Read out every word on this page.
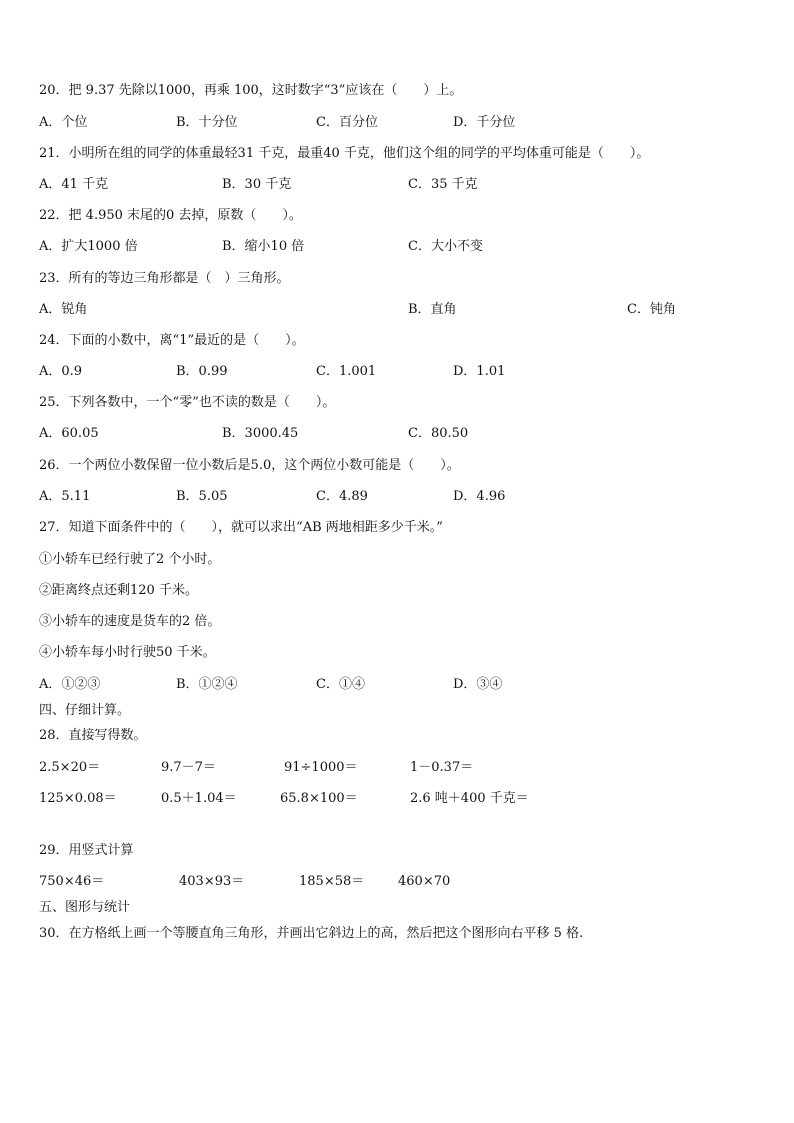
20．把 9.37 先除以1000，再乘 100，这时数字“3”应该在（　　）上。
A．个位	B．十分位	C．百分位	D．千分位
21．小明所在组的同学的体重最轻31 千克，最重40 千克，他们这个组的同学的平均体重可能是（　　）。
A．41 千克	B．30 千克	C．35 千克
22．把 4.950 末尾的0 去掉，原数（　　）。
A．扩大1000 倍	B．缩小10 倍	C．大小不变
23．所有的等边三角形都是（　）三角形。
A．锐角	B．直角	C．钝角
24．下面的小数中，离“1”最近的是（　　）。
A．0.9	B．0.99	C．1.001	D．1.01
25．下列各数中，一个“零”也不读的数是（　　）。
A．60.05	B．3000.45	C．80.50
26．一个两位小数保留一位小数后是5.0，这个两位小数可能是（　　）。
A．5.11	B．5.05	C．4.89	D．4.96
27．知道下面条件中的（　　），就可以求出“AB 两地相距多少千米。”
①小轿车已经行驶了2 个小时。
②距离终点还剩120 千米。
③小轿车的速度是货车的2 倍。
④小轿车每小时行驶50 千米。
A．①②③	B．①②④	C．①④	D．③④
四、仔细计算。
28．直接写得数。
2.5×20＝	9.7－7＝	91÷1000＝	1－0.37＝
125×0.08＝	0.5＋1.04＝	65.8×100＝	2.6 吨＋400 千克＝
29．用竖式计算
750×46＝	403×93＝	185×58＝	460×70
五、图形与统计
30．在方格纸上画一个等腰直角三角形，并画出它斜边上的高，然后把这个图形向右平移 5 格.
